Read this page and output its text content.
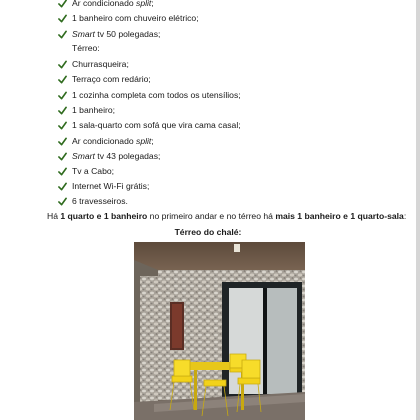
Ar condicionado split;
1 banheiro com chuveiro elétrico;
Smart tv 50 polegadas;
Térreo:
Churrasqueira;
Terraço com redário;
1 cozinha completa com todos os utensílios;
1 banheiro;
1 sala-quarto com sofá que vira cama casal;
Ar condicionado split;
Smart tv 43 polegadas;
Tv a Cabo;
Internet Wi-Fi grátis;
6 travesseiros.
Há 1 quarto e 1 banheiro no primeiro andar e no térreo há mais 1 banheiro e 1 quarto-sala:
Térreo do chalé:
